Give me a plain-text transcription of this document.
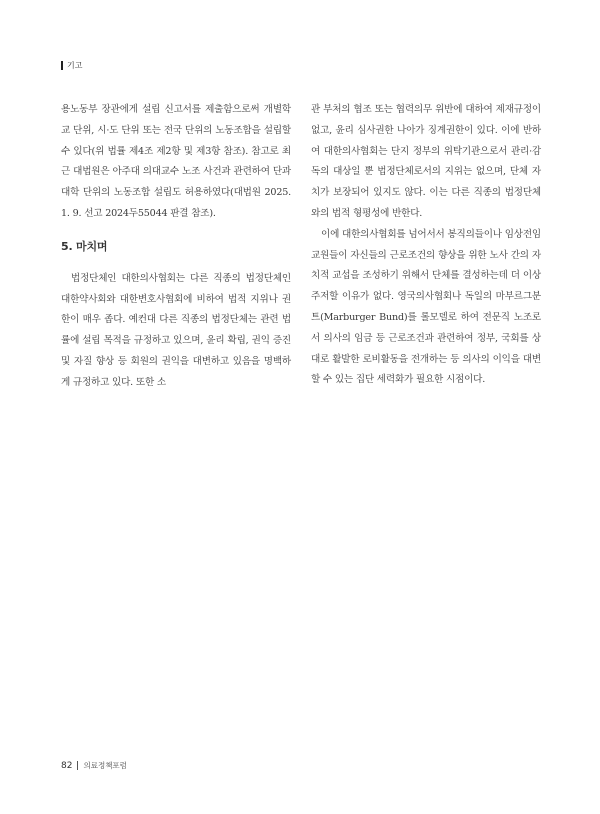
기고

용노동부 장관에게 설립 신고서를 제출함으로써 개별학교 단위, 시·도 단위 또는 전국 단위의 노동조합을 설립할 수 있다(위 법률 제4조 제2항 및 제3항 참조). 참고로 최근 대법원은 아주대 의대교수 노조 사건과 관련하여 단과대학 단위의 노동조합 설립도 허용하였다(대법원 2025. 1. 9. 선고 2024두55044 판결 참조).

5. 마치며

법정단체인 대한의사협회는 다른 직종의 법정단체인 대한약사회와 대한변호사협회에 비하여 법적 지위나 권한이 매우 좁다. 예컨대 다른 직종의 법정단체는 관련 법률에 설립 목적을 규정하고 있으며, 윤리 확립, 권익 증진 및 자질 향상 등 회원의 권익을 대변하고 있음을 명백하게 규정하고 있다. 또한 소

관 부처의 협조 또는 협력의무 위반에 대하여 제재규정이 없고, 윤리 심사권한 나아가 징계권한이 있다. 이에 반하여 대한의사협회는 단지 정부의 위탁기관으로서 관리·감독의 대상일 뿐 법정단체로서의 지위는 없으며, 단체 자치가 보장되어 있지도 않다. 이는 다른 직종의 법정단체와의 법적 형평성에 반한다.

이에 대한의사협회를 넘어서서 봉직의들이나 임상전임교원들이 자신들의 근로조건의 향상을 위한 노사 간의 자치적 교섭을 조성하기 위해서 단체를 결성하는데 더 이상 주저할 이유가 없다. 영국의사협회나 독일의 마부르그분트(Marburger Bund)를 롤모델로 하여 전문직 노조로서 의사의 임금 등 근로조건과 관련하여 정부, 국회를 상대로 활발한 로비활동을 전개하는 등 의사의 이익을 대변할 수 있는 집단 세력화가 필요한 시점이다.

82 의료정책포럼
